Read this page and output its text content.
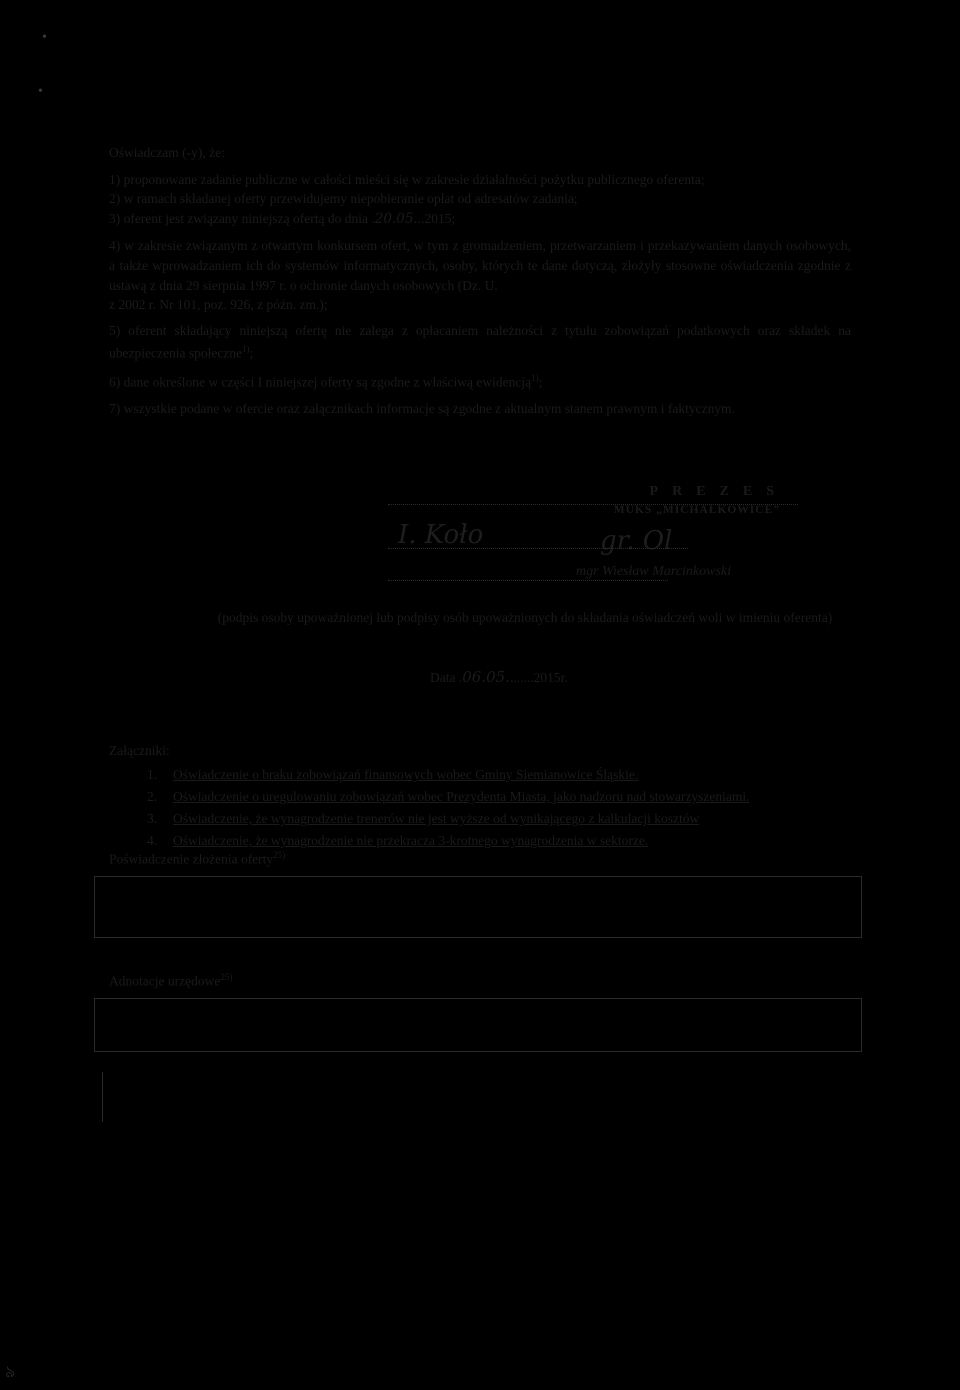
•
•

Oświadczam (-y), że:

1) proponowane zadanie publiczne w całości mieści się w zakresie działalności pożytku publicznego oferenta;

2) w ramach składanej oferty przewidujemy niepobieranie opłat od adresatów zadania;

3) oferent jest związany niniejszą ofertą do dnia .20.05...2015;

4) w zakresie związanym z otwartym konkursem ofert, w tym z gromadzeniem, przetwarzaniem i przekazywaniem danych osobowych, a także wprowadzaniem ich do systemów informatycznych, osoby, których te dane dotyczą, złożyły stosowne oświadczenia zgodnie z ustawą z dnia 29 sierpnia 1997 r. o ochronie danych osobowych (Dz. U.

z 2002 r. Nr 101, poz. 926, z późn. zm.);

5) oferent składający niniejszą ofertę nie zalega z opłacaniem należności z tytułu zobowiązań podatkowych oraz składek na ubezpieczenia społeczne$^{1)}$;

6) dane określone w części I niniejszej oferty są zgodne z właściwą ewidencją$^{1)}$;

7) wszystkie podane w ofercie oraz załącznikach informacje są zgodne z aktualnym stanem prawnym i faktycznym.

PREZES
MUKS „MICHAŁKOWICE”
I. Koło	gr. Ol
mgr Wiesław Marcinkowski
(podpis osoby upoważnionej lub podpisy osób upoważnionych do składania oświadczeń woli w imieniu oferenta)
Data .06.05........2015r.
Załączniki:
1. Oświadczenie o braku zobowiązań finansowych wobec Gminy Siemianowice Śląskie.
2. Oświadczenie o uregulowaniu zobowiązań wobec Prezydenta Miasta, jako nadzoru nad stowarzyszeniami.
3. Oświadczenie, że wynagrodzenie trenerów nie jest wyższe od wynikającego z kalkulacji kosztów
4. Oświadczenie, że wynagrodzenie nie przekracza 3-krotnego wynagrodzenia w sektorze.
Poświadczenie złożenia oferty$^{25)}$
Adnotacje urzędowe$^{25)}$
৯
